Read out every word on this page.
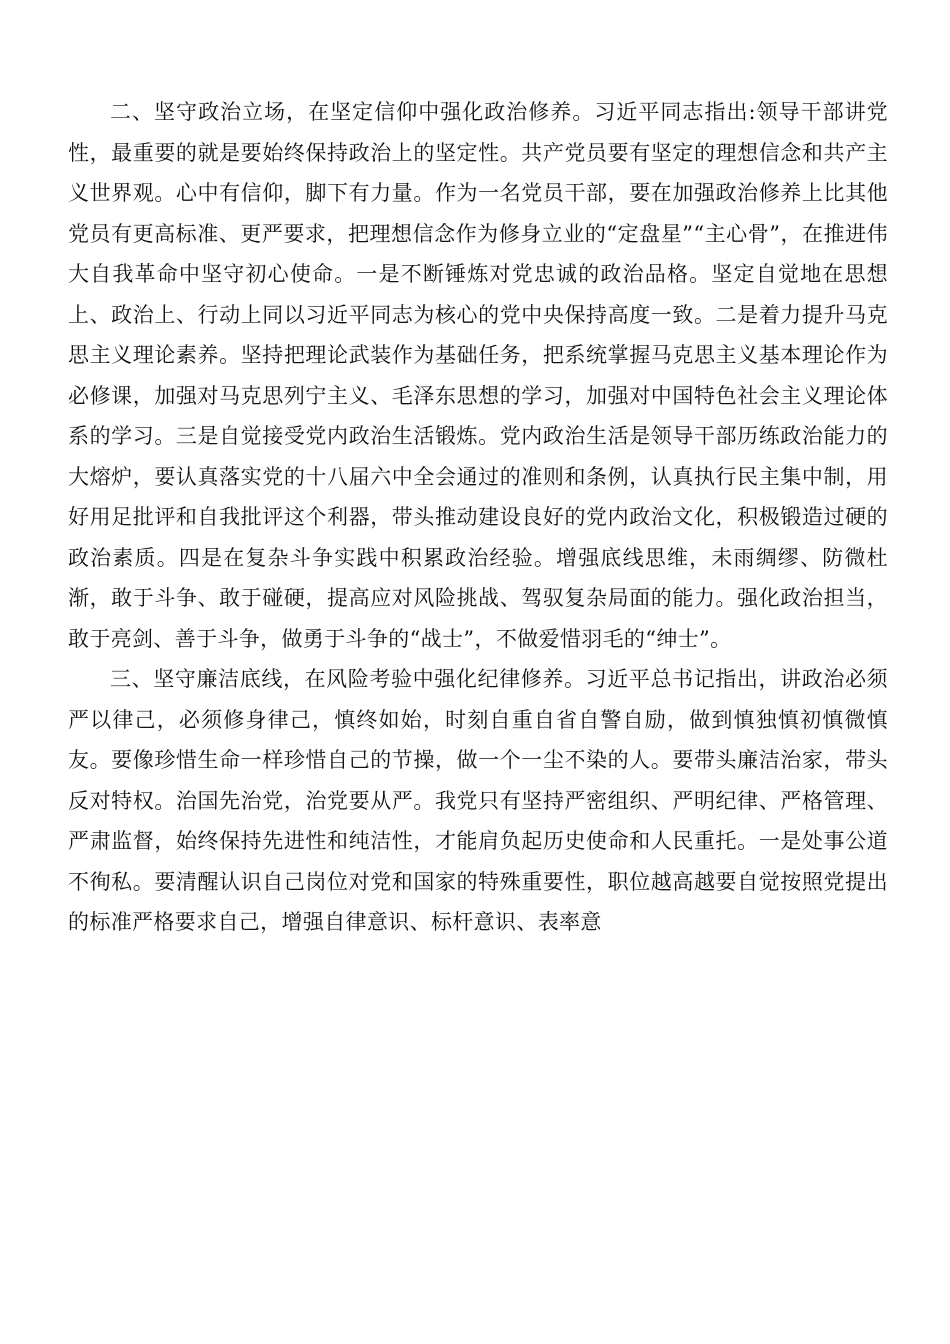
二、坚守政治立场，在坚定信仰中强化政治修养。习近平同志指出:领导干部讲党性，最重要的就是要始终保持政治上的坚定性。共产党员要有坚定的理想信念和共产主义世界观。心中有信仰，脚下有力量。作为一名党员干部，要在加强政治修养上比其他党员有更高标准、更严要求，把理想信念作为修身立业的“定盘星”“主心骨”，在推进伟大自我革命中坚守初心使命。一是不断锤炼对党忠诚的政治品格。坚定自觉地在思想上、政治上、行动上同以习近平同志为核心的党中央保持高度一致。二是着力提升马克思主义理论素养。坚持把理论武装作为基础任务，把系统掌握马克思主义基本理论作为必修课，加强对马克思列宁主义、毛泽东思想的学习，加强对中国特色社会主义理论体系的学习。三是自觉接受党内政治生活锻炼。党内政治生活是领导干部历练政治能力的大熔炉，要认真落实党的十八届六中全会通过的准则和条例，认真执行民主集中制，用好用足批评和自我批评这个利器，带头推动建设良好的党内政治文化，积极锻造过硬的政治素质。四是在复杂斗争实践中积累政治经验。增强底线思维，未雨绸缪、防微杜渐，敢于斗争、敢于碰硬，提高应对风险挑战、驾驭复杂局面的能力。强化政治担当，敢于亮剑、善于斗争，做勇于斗争的“战士”，不做爱惜羽毛的“绅士”。

三、坚守廉洁底线，在风险考验中强化纪律修养。习近平总书记指出，讲政治必须严以律己，必须修身律己，慎终如始，时刻自重自省自警自励，做到慎独慎初慎微慎友。要像珍惜生命一样珍惜自己的节操，做一个一尘不染的人。要带头廉洁治家，带头反对特权。治国先治党，治党要从严。我党只有坚持严密组织、严明纪律、严格管理、严肃监督，始终保持先进性和纯洁性，才能肩负起历史使命和人民重托。一是处事公道不徇私。要清醒认识自己岗位对党和国家的特殊重要性，职位越高越要自觉按照党提出的标准严格要求自己，增强自律意识、标杆意识、表率意
